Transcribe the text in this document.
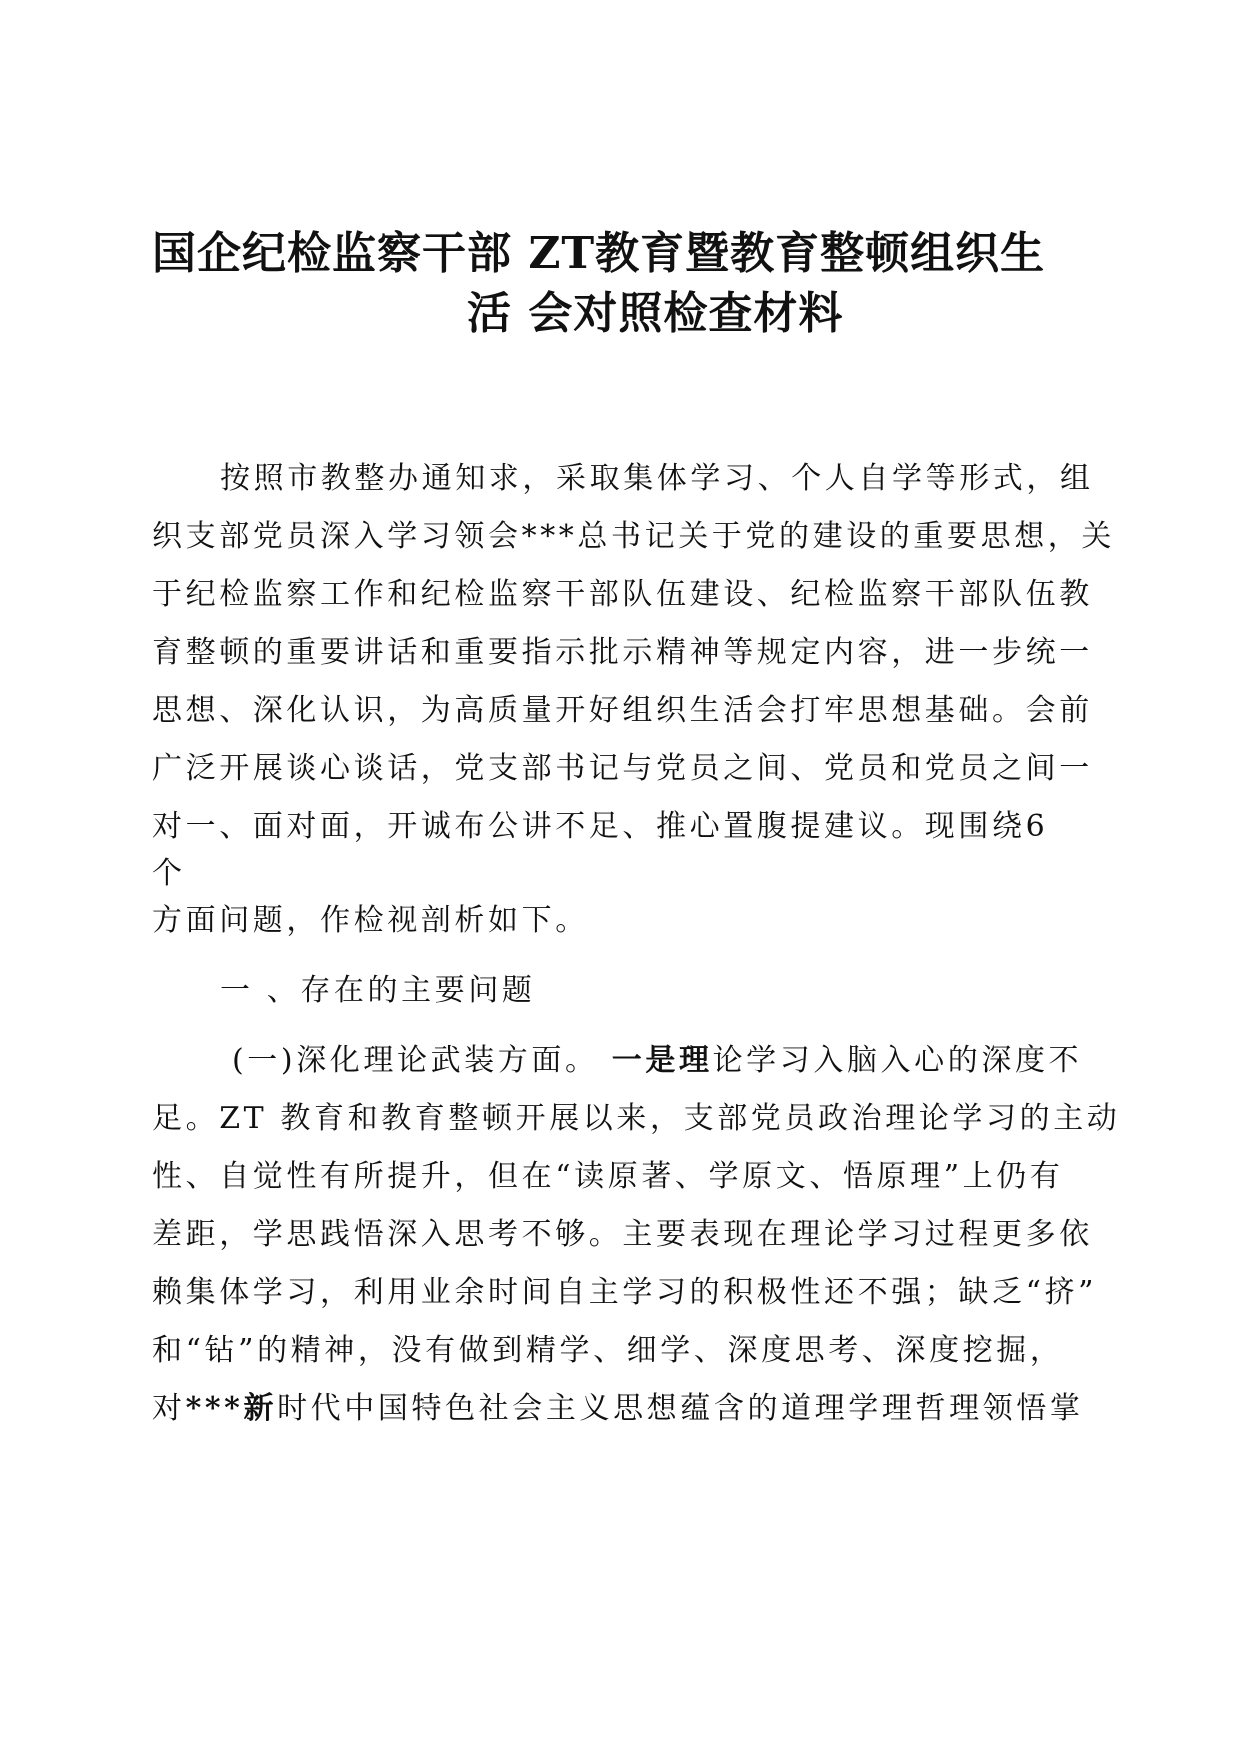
国企纪检监察干部 ZT教育暨教育整顿组织生
活 会对照检查材料

按照市教整办通知求，采取集体学习、个人自学等形式，组
织支部党员深入学习领会***总书记关于党的建设的重要思想，关
于纪检监察工作和纪检监察干部队伍建设、纪检监察干部队伍教
育整顿的重要讲话和重要指示批示精神等规定内容，进一步统一
思想、深化认识，为高质量开好组织生活会打牢思想基础。会前
广泛开展谈心谈话，党支部书记与党员之间、党员和党员之间一
对一、面对面，开诚布公讲不足、推心置腹提建议。现围绕6
个
方面问题，作检视剖析如下。

一 、存在的主要问题

(一)深化理论武装方面。 一是理论学习入脑入心的深度不
足。ZT 教育和教育整顿开展以来，支部党员政治理论学习的主动
性、自觉性有所提升，但在“读原著、学原文、悟原理”上仍有
差距，学思践悟深入思考不够。主要表现在理论学习过程更多依
赖集体学习，利用业余时间自主学习的积极性还不强；缺乏“挤”
和“钻”的精神，没有做到精学、细学、深度思考、深度挖掘，
对***新时代中国特色社会主义思想蕴含的道理学理哲理领悟掌
